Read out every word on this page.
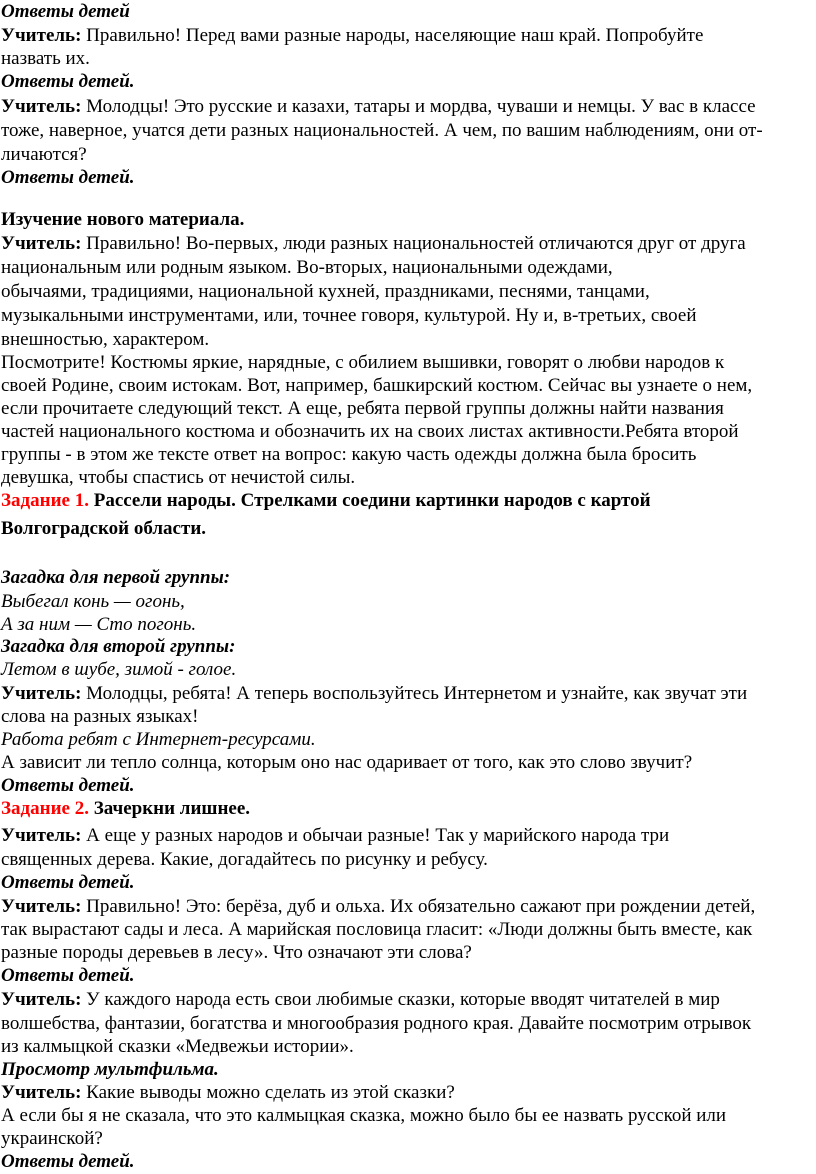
Ответы детей
Учитель: Правильно! Перед вами разные народы, населяющие наш край. Попробуйте
назвать их.
Ответы детей.
Учитель: Молодцы! Это русские и казахи, татары и мордва, чуваши и немцы. У вас в классе
тоже, наверное, учатся дети разных национальностей. А чем, по вашим наблюдениям, они от-
личаются?
Ответы детей.
Изучение нового материала.
Учитель: Правильно! Во-первых, люди разных национальностей отличаются друг от друга
национальным или родным языком. Во-вторых, национальными одеждами,
обычаями, традициями, национальной кухней, праздниками, песнями, танцами,
музыкальными инструментами, или, точнее говоря, культурой. Ну и, в-третьих, своей
внешностью, характером.
Посмотрите! Костюмы яркие, нарядные, с обилием вышивки, говорят о любви народов к
своей Родине, своим истокам. Вот, например, башкирский костюм. Сейчас вы узнаете о нем,
если прочитаете следующий текст. А еще, ребята первой группы должны найти названия
частей национального костюма и обозначить их на своих листах активности.Ребята второй
группы - в этом же тексте ответ на вопрос: какую часть одежды должна была бросить
девушка, чтобы спастись от нечистой силы.
Задание 1. Рассели народы. Стрелками соедини картинки народов с картой
Волгоградской области.
Загадка для первой группы:
Выбегал конь — огонь,
А за ним — Сто погонь.
Загадка для второй группы:
Летом в шубе, зимой - голое.
Учитель: Молодцы, ребята! А теперь воспользуйтесь Интернетом и узнайте, как звучат эти
слова на разных языках!
Работа ребят с Интернет-ресурсами.
А зависит ли тепло солнца, которым оно нас одаривает от того, как это слово звучит?
Ответы детей.
Задание 2. Зачеркни лишнее.
Учитель: А еще у разных народов и обычаи разные! Так у марийского народа три
священных дерева. Какие, догадайтесь по рисунку и ребусу.
Ответы детей.
Учитель: Правильно! Это: берёза, дуб и ольха. Их обязательно сажают при рождении детей,
так вырастают сады и леса. А марийская пословица гласит: «Люди должны быть вместе, как
разные породы деревьев в лесу». Что означают эти слова?
Ответы детей.
Учитель: У каждого народа есть свои любимые сказки, которые вводят читателей в мир
волшебства, фантазии, богатства и многообразия родного края. Давайте посмотрим отрывок
из калмыцкой сказки «Медвежьи истории».
Просмотр мультфильма.
Учитель: Какие выводы можно сделать из этой сказки?
А если бы я не сказала, что это калмыцкая сказка, можно было бы ее назвать русской или
украинской?
Ответы детей.
